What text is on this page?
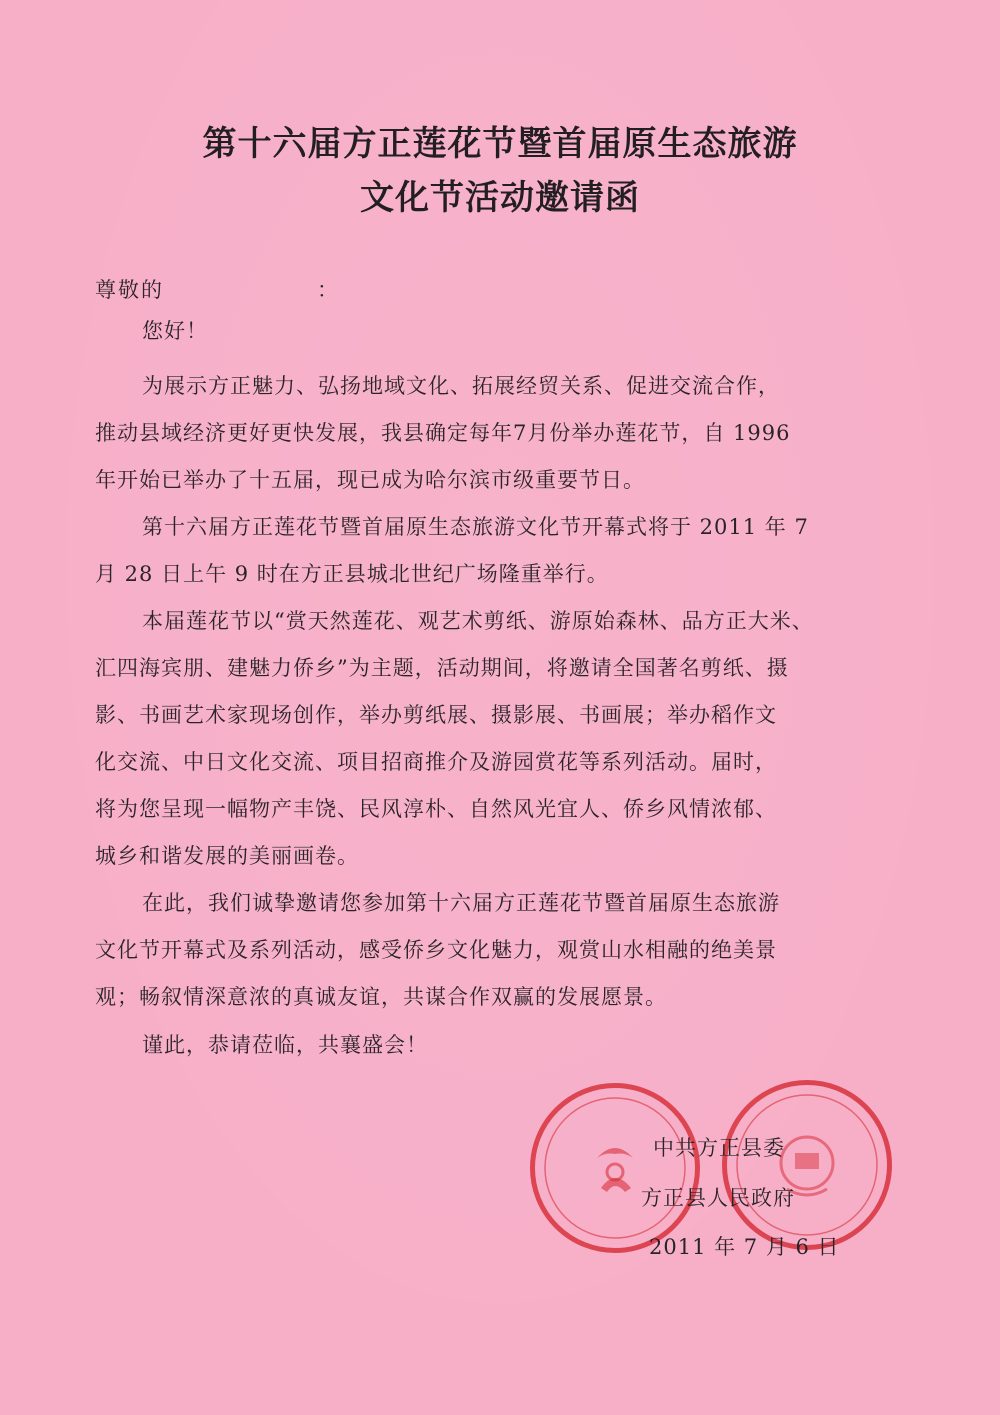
第十六届方正莲花节暨首届原生态旅游
文化节活动邀请函
尊敬的	：
您好！
为展示方正魅力、弘扬地域文化、拓展经贸关系、促进交流合作，
推动县域经济更好更快发展，我县确定每年7月份举办莲花节，自 1996
年开始已举办了十五届，现已成为哈尔滨市级重要节日。
第十六届方正莲花节暨首届原生态旅游文化节开幕式将于 2011 年 7
月 28 日上午 9 时在方正县城北世纪广场隆重举行。
本届莲花节以“赏天然莲花、观艺术剪纸、游原始森林、品方正大米、
汇四海宾朋、建魅力侨乡”为主题，活动期间，将邀请全国著名剪纸、摄
影、书画艺术家现场创作，举办剪纸展、摄影展、书画展；举办稻作文
化交流、中日文化交流、项目招商推介及游园赏花等系列活动。届时，
将为您呈现一幅物产丰饶、民风淳朴、自然风光宜人、侨乡风情浓郁、
城乡和谐发展的美丽画卷。
在此，我们诚挚邀请您参加第十六届方正莲花节暨首届原生态旅游
文化节开幕式及系列活动，感受侨乡文化魅力，观赏山水相融的绝美景
观；畅叙情深意浓的真诚友谊，共谋合作双赢的发展愿景。
谨此，恭请莅临，共襄盛会！
中共方正县委
方正县人民政府
2011 年 7 月 6 日
